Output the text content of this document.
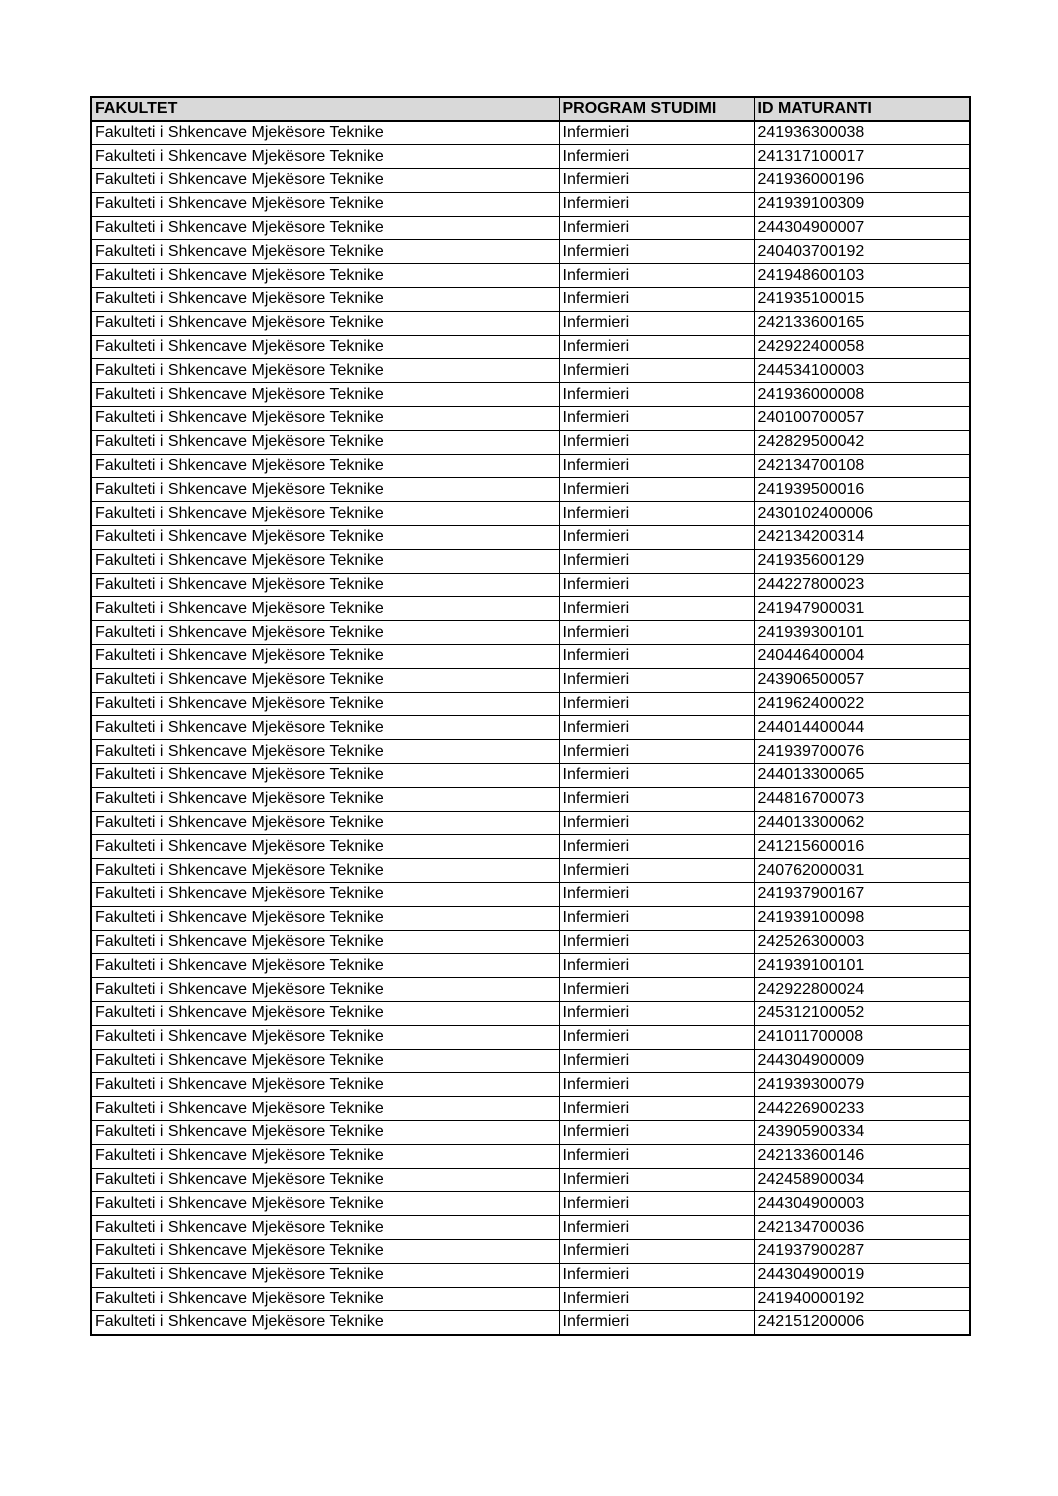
FAKULTET	PROGRAM STUDIMI	ID MATURANTI
Fakulteti i Shkencave Mjekësore Teknike	Infermieri	241936300038
Fakulteti i Shkencave Mjekësore Teknike	Infermieri	241317100017
Fakulteti i Shkencave Mjekësore Teknike	Infermieri	241936000196
Fakulteti i Shkencave Mjekësore Teknike	Infermieri	241939100309
Fakulteti i Shkencave Mjekësore Teknike	Infermieri	244304900007
Fakulteti i Shkencave Mjekësore Teknike	Infermieri	240403700192
Fakulteti i Shkencave Mjekësore Teknike	Infermieri	241948600103
Fakulteti i Shkencave Mjekësore Teknike	Infermieri	241935100015
Fakulteti i Shkencave Mjekësore Teknike	Infermieri	242133600165
Fakulteti i Shkencave Mjekësore Teknike	Infermieri	242922400058
Fakulteti i Shkencave Mjekësore Teknike	Infermieri	244534100003
Fakulteti i Shkencave Mjekësore Teknike	Infermieri	241936000008
Fakulteti i Shkencave Mjekësore Teknike	Infermieri	240100700057
Fakulteti i Shkencave Mjekësore Teknike	Infermieri	242829500042
Fakulteti i Shkencave Mjekësore Teknike	Infermieri	242134700108
Fakulteti i Shkencave Mjekësore Teknike	Infermieri	241939500016
Fakulteti i Shkencave Mjekësore Teknike	Infermieri	2430102400006
Fakulteti i Shkencave Mjekësore Teknike	Infermieri	242134200314
Fakulteti i Shkencave Mjekësore Teknike	Infermieri	241935600129
Fakulteti i Shkencave Mjekësore Teknike	Infermieri	244227800023
Fakulteti i Shkencave Mjekësore Teknike	Infermieri	241947900031
Fakulteti i Shkencave Mjekësore Teknike	Infermieri	241939300101
Fakulteti i Shkencave Mjekësore Teknike	Infermieri	240446400004
Fakulteti i Shkencave Mjekësore Teknike	Infermieri	243906500057
Fakulteti i Shkencave Mjekësore Teknike	Infermieri	241962400022
Fakulteti i Shkencave Mjekësore Teknike	Infermieri	244014400044
Fakulteti i Shkencave Mjekësore Teknike	Infermieri	241939700076
Fakulteti i Shkencave Mjekësore Teknike	Infermieri	244013300065
Fakulteti i Shkencave Mjekësore Teknike	Infermieri	244816700073
Fakulteti i Shkencave Mjekësore Teknike	Infermieri	244013300062
Fakulteti i Shkencave Mjekësore Teknike	Infermieri	241215600016
Fakulteti i Shkencave Mjekësore Teknike	Infermieri	240762000031
Fakulteti i Shkencave Mjekësore Teknike	Infermieri	241937900167
Fakulteti i Shkencave Mjekësore Teknike	Infermieri	241939100098
Fakulteti i Shkencave Mjekësore Teknike	Infermieri	242526300003
Fakulteti i Shkencave Mjekësore Teknike	Infermieri	241939100101
Fakulteti i Shkencave Mjekësore Teknike	Infermieri	242922800024
Fakulteti i Shkencave Mjekësore Teknike	Infermieri	245312100052
Fakulteti i Shkencave Mjekësore Teknike	Infermieri	241011700008
Fakulteti i Shkencave Mjekësore Teknike	Infermieri	244304900009
Fakulteti i Shkencave Mjekësore Teknike	Infermieri	241939300079
Fakulteti i Shkencave Mjekësore Teknike	Infermieri	244226900233
Fakulteti i Shkencave Mjekësore Teknike	Infermieri	243905900334
Fakulteti i Shkencave Mjekësore Teknike	Infermieri	242133600146
Fakulteti i Shkencave Mjekësore Teknike	Infermieri	242458900034
Fakulteti i Shkencave Mjekësore Teknike	Infermieri	244304900003
Fakulteti i Shkencave Mjekësore Teknike	Infermieri	242134700036
Fakulteti i Shkencave Mjekësore Teknike	Infermieri	241937900287
Fakulteti i Shkencave Mjekësore Teknike	Infermieri	244304900019
Fakulteti i Shkencave Mjekësore Teknike	Infermieri	241940000192
Fakulteti i Shkencave Mjekësore Teknike	Infermieri	242151200006
